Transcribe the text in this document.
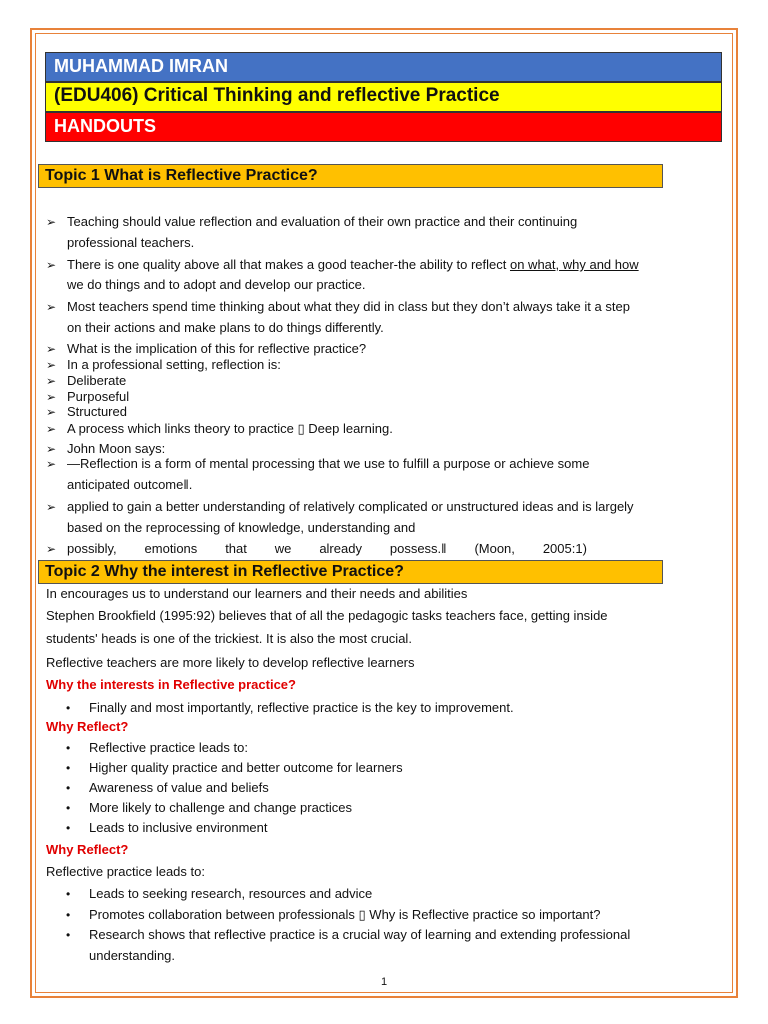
MUHAMMAD IMRAN
(EDU406) Critical Thinking and reflective Practice
HANDOUTS
Topic 1 What is Reflective Practice?
➢ Teaching should value reflection and evaluation of their own practice and their continuing
professional teachers.
➢ There is one quality above all that makes a good teacher-the ability to reflect on what, why and how
we do things and to adopt and develop our practice.
➢ Most teachers spend time thinking about what they did in class but they don’t always take it a step
on their actions and make plans to do things differently.
➢ What is the implication of this for reflective practice?
➢ In a professional setting, reflection is:
➢ Deliberate
➢ Purposeful
➢ Structured
➢ A process which links theory to practice ▯ Deep learning.
➢ John Moon says:
➢ —Reflection is a form of mental processing that we use to fulfill a purpose or achieve some
anticipated outcome‖.
➢ applied to gain a better understanding of relatively complicated or unstructured ideas and is largely
based on the reprocessing of knowledge, understanding and
➢ possibly, emotions that we already possess.‖ (Moon, 2005:1)
Topic 2 Why the interest in Reflective Practice?
In encourages us to understand our learners and their needs and abilities
Stephen Brookfield (1995:92) believes that of all the pedagogic tasks teachers face, getting inside
students' heads is one of the trickiest. It is also the most crucial.
Reflective teachers are more likely to develop reflective learners
Why the interests in Reflective practice?
• Finally and most importantly, reflective practice is the key to improvement.
Why Reflect?
• Reflective practice leads to:
• Higher quality practice and better outcome for learners
• Awareness of value and beliefs
• More likely to challenge and change practices
• Leads to inclusive environment
Why Reflect?
Reflective practice leads to:
• Leads to seeking research, resources and advice
• Promotes collaboration between professionals ▯ Why is Reflective practice so important?
• Research shows that reflective practice is a crucial way of learning and extending professional
understanding.
1
